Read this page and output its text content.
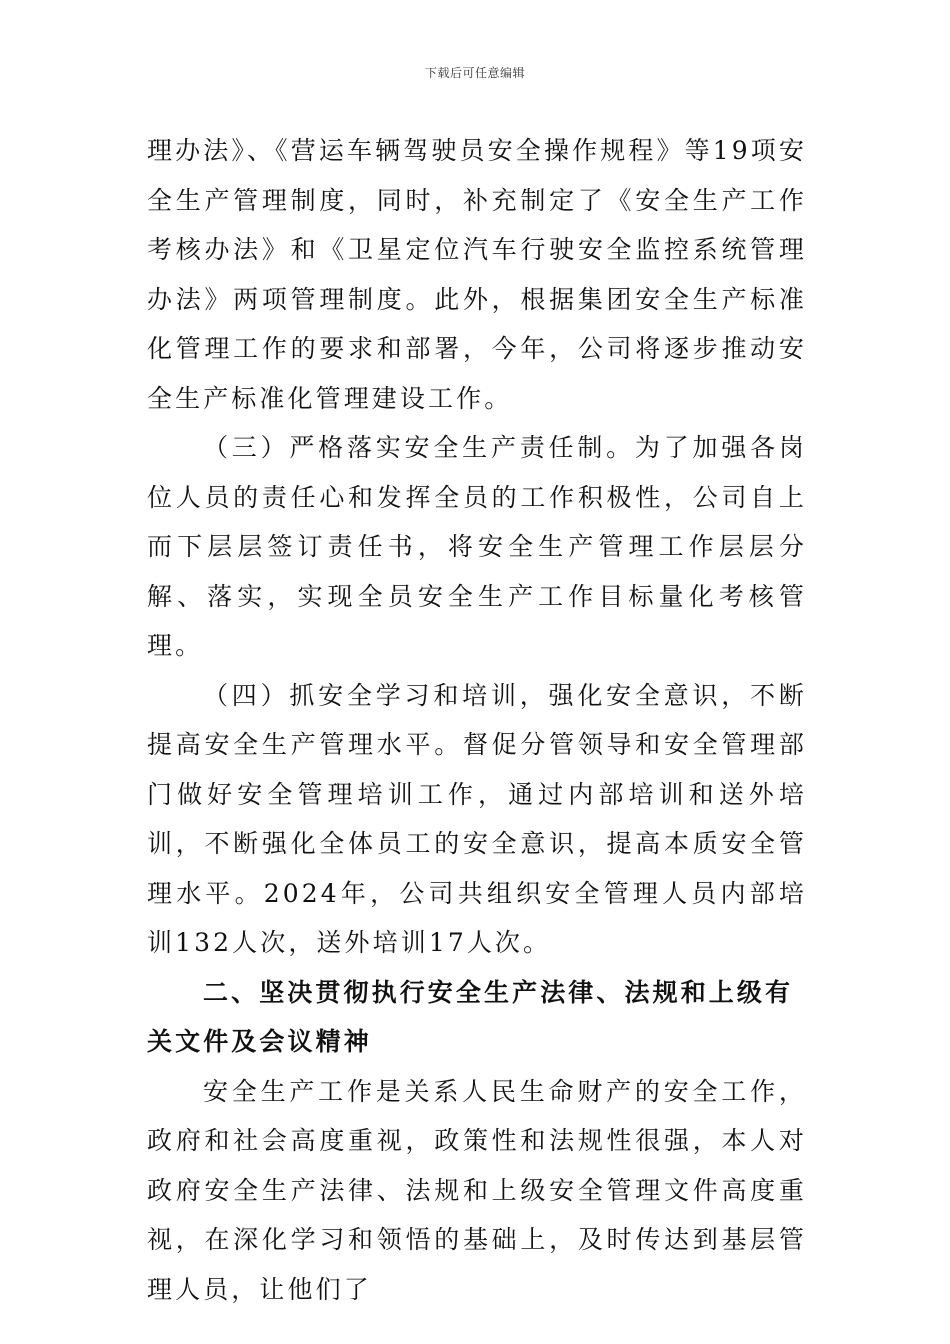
下载后可任意编辑

理办法》、《营运车辆驾驶员安全操作规程》等19项安全生产管理制度，同时，补充制定了《安全生产工作考核办法》和《卫星定位汽车行驶安全监控系统管理办法》两项管理制度。此外，根据集团安全生产标准化管理工作的要求和部署，今年，公司将逐步推动安全生产标准化管理建设工作。

（三）严格落实安全生产责任制。为了加强各岗位人员的责任心和发挥全员的工作积极性，公司自上而下层层签订责任书，将安全生产管理工作层层分解、落实，实现全员安全生产工作目标量化考核管理。

（四）抓安全学习和培训，强化安全意识，不断提高安全生产管理水平。督促分管领导和安全管理部门做好安全管理培训工作，通过内部培训和送外培训，不断强化全体员工的安全意识，提高本质安全管理水平。2024年，公司共组织安全管理人员内部培训132人次，送外培训17人次。

二、坚决贯彻执行安全生产法律、法规和上级有关文件及会议精神

安全生产工作是关系人民生命财产的安全工作，政府和社会高度重视，政策性和法规性很强，本人对政府安全生产法律、法规和上级安全管理文件高度重视，在深化学习和领悟的基础上，及时传达到基层管理人员，让他们了
